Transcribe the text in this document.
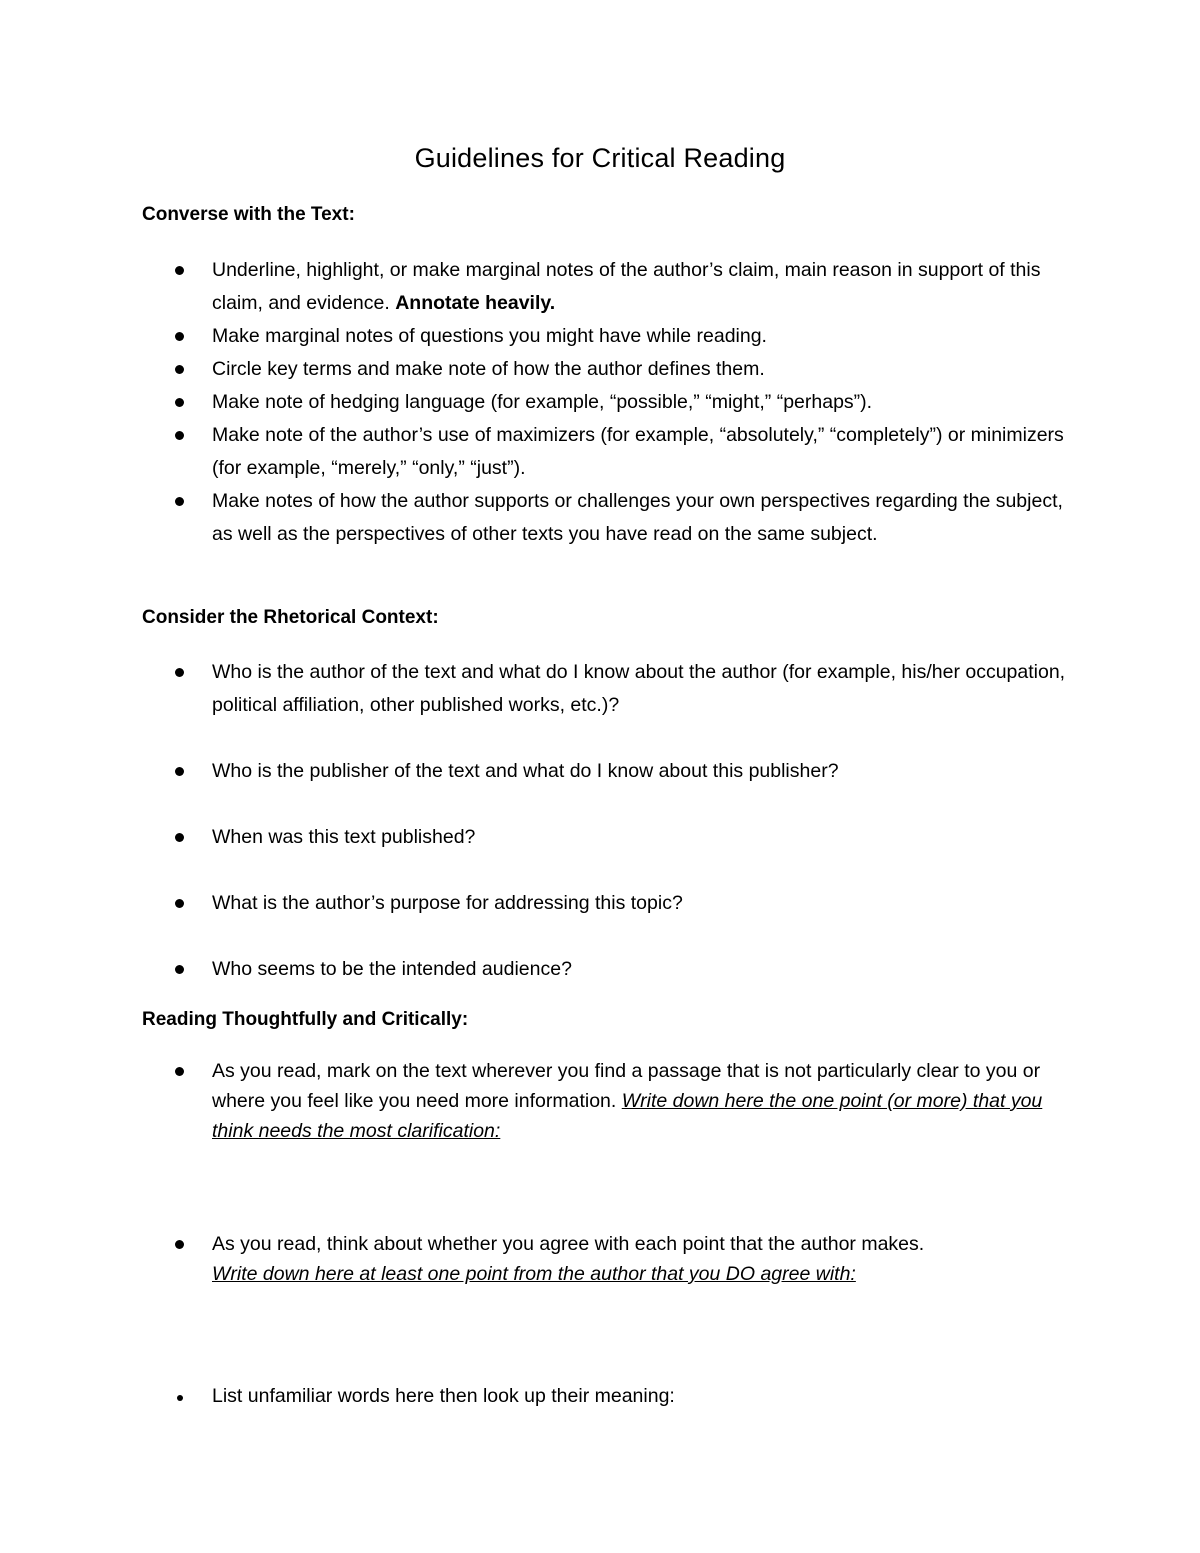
Guidelines for Critical Reading
Converse with the Text:
Underline, highlight, or make marginal notes of the author’s claim, main reason in support of this claim, and evidence. Annotate heavily.
Make marginal notes of questions you might have while reading.
Circle key terms and make note of how the author defines them.
Make note of hedging language (for example, “possible,” “might,” “perhaps”).
Make note of the author’s use of maximizers (for example, “absolutely,” “completely”) or minimizers (for example, “merely,” “only,” “just”).
Make notes of how the author supports or challenges your own perspectives regarding the subject, as well as the perspectives of other texts you have read on the same subject.
Consider the Rhetorical Context:
Who is the author of the text and what do I know about the author (for example, his/her occupation, political affiliation, other published works, etc.)?
Who is the publisher of the text and what do I know about this publisher?
When was this text published?
What is the author’s purpose for addressing this topic?
Who seems to be the intended audience?
Reading Thoughtfully and Critically:
As you read, mark on the text wherever you find a passage that is not particularly clear to you or where you feel like you need more information. Write down here the one point (or more) that you think needs the most clarification:
As you read, think about whether you agree with each point that the author makes.
Write down here at least one point from the author that you DO agree with:
List unfamiliar words here then look up their meaning:
